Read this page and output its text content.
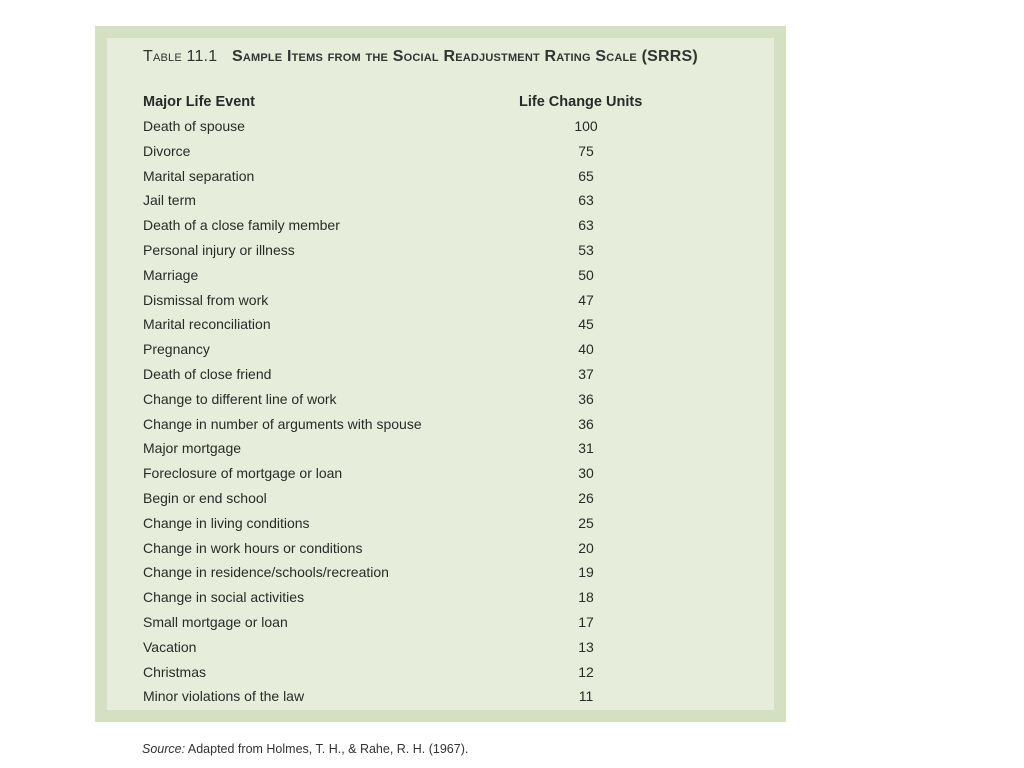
Table 11.1 Sample Items from the Social Readjustment Rating Scale (SRRS)
Major Life Event	Life Change Units
Death of spouse	100
Divorce	75
Marital separation	65
Jail term	63
Death of a close family member	63
Personal injury or illness	53
Marriage	50
Dismissal from work	47
Marital reconciliation	45
Pregnancy	40
Death of close friend	37
Change to different line of work	36
Change in number of arguments with spouse	36
Major mortgage	31
Foreclosure of mortgage or loan	30
Begin or end school	26
Change in living conditions	25
Change in work hours or conditions	20
Change in residence/schools/recreation	19
Change in social activities	18
Small mortgage or loan	17
Vacation	13
Christmas	12
Minor violations of the law	11
Source: Adapted from Holmes, T. H., & Rahe, R. H. (1967).
